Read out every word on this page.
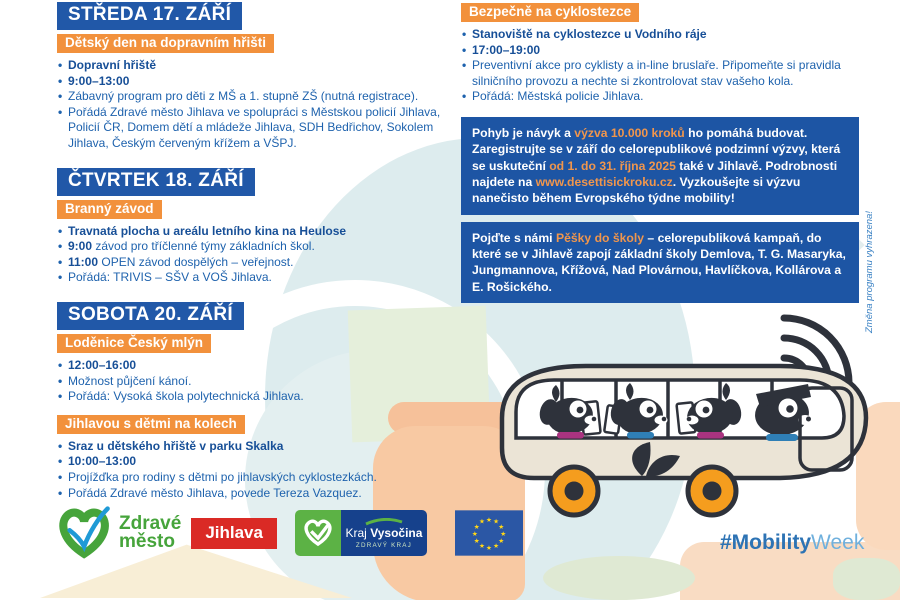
STŘEDA 17. ZÁŘÍ
Dětský den na dopravním hřišti
• Dopravní hřiště
• 9:00–13:00
• Zábavný program pro děti z MŠ a 1. stupně ZŠ (nutná registrace).
• Pořádá Zdravé město Jihlava ve spolupráci s Městskou policií Jihlava, Policií ČR, Domem dětí a mládeže Jihlava, SDH Bedřichov, Sokolem Jihlava, Českým červeným křížem a VŠPJ.
ČTVRTEK 18. ZÁŘÍ
Branný závod
• Travnatá plocha u areálu letního kina na Heulose
• 9:00 závod pro tříčlenné týmy základních škol.
• 11:00 OPEN závod dospělých – veřejnost.
• Pořádá: TRIVIS – SŠV a VOŠ Jihlava.
SOBOTA 20. ZÁŘÍ
Loděnice Český mlýn
• 12:00–16:00
• Možnost půjčení kánoí.
• Pořádá: Vysoká škola polytechnická Jihlava.
Jihlavou s dětmi na kolech
• Sraz u dětského hřiště v parku Skalka
• 10:00–13:00
• Projížďka pro rodiny s dětmi po jihlavských cyklostezkách.
• Pořádá Zdravé město Jihlava, povede Tereza Vazquez.
Bezpečně na cyklostezce
• Stanoviště na cyklostezce u Vodního ráje
• 17:00–19:00
• Preventivní akce pro cyklisty a in-line bruslaře. Připomeňte si pravidla silničního provozu a nechte si zkontrolovat stav vašeho kola.
• Pořádá: Městská policie Jihlava.
Pohyb je návyk a výzva 10.000 kroků ho pomáhá budovat. Zaregistrujte se v září do celorepublikové podzimní výzvy, která se uskuteční od 1. do 31. října 2025 také v Jihlavě. Podrobnosti najdete na www.desettisickroku.cz. Vyzkoušejte si výzvu nanečisto během Evropského týdne mobility!
Pojďte s námi Pěšky do školy – celorepubliková kampaň, do které se v Jihlavě zapojí základní školy Demlova, T. G. Masaryka, Jungmannova, Křížová, Nad Plovárnou, Havlíčkova, Kollárova a E. Rošického.	Změna programu vyhrazena!
Zdravé
město	Jihlava	Kraj Vysočina
ZDRAVÝ KRAJ
★ ★
★
★
★
★
★
★
★
★
★
★
#MobilityWeek
